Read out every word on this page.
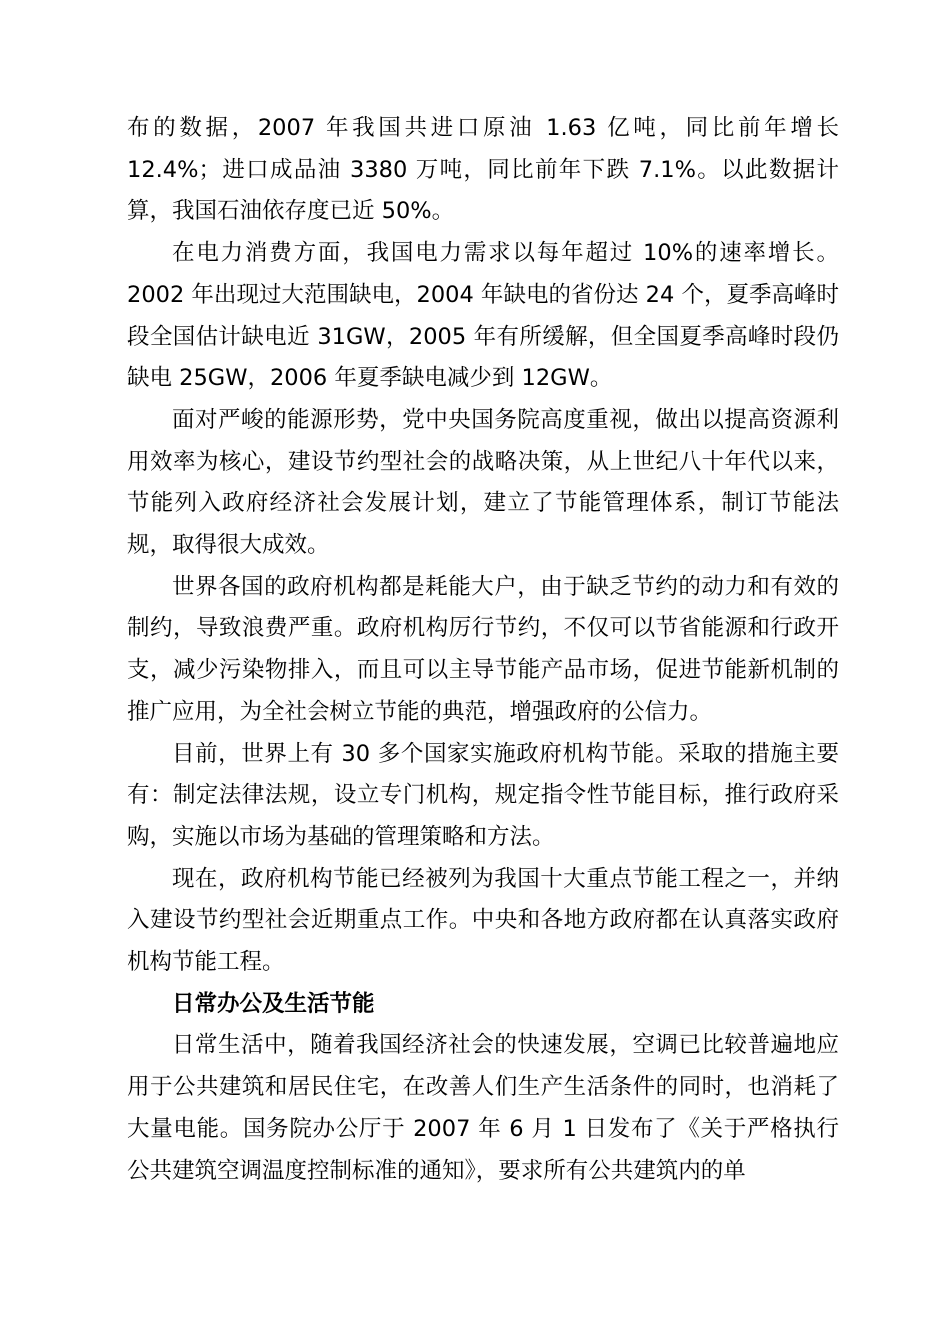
布的数据，2007 年我国共进口原油 1.63 亿吨，同比前年增长 12.4%；进口成品油 3380 万吨，同比前年下跌 7.1%。以此数据计算，我国石油依存度已近 50%。

在电力消费方面，我国电力需求以每年超过 10%的速率增长。2002 年出现过大范围缺电，2004 年缺电的省份达 24 个，夏季高峰时段全国估计缺电近 31GW，2005 年有所缓解，但全国夏季高峰时段仍缺电 25GW，2006 年夏季缺电减少到 12GW。

面对严峻的能源形势，党中央国务院高度重视，做出以提高资源利用效率为核心，建设节约型社会的战略决策，从上世纪八十年代以来，节能列入政府经济社会发展计划，建立了节能管理体系，制订节能法规，取得很大成效。

世界各国的政府机构都是耗能大户，由于缺乏节约的动力和有效的制约，导致浪费严重。政府机构厉行节约，不仅可以节省能源和行政开支，减少污染物排入，而且可以主导节能产品市场，促进节能新机制的推广应用，为全社会树立节能的典范，增强政府的公信力。

目前，世界上有 30 多个国家实施政府机构节能。采取的措施主要有：制定法律法规，设立专门机构，规定指令性节能目标，推行政府采购，实施以市场为基础的管理策略和方法。

现在，政府机构节能已经被列为我国十大重点节能工程之一，并纳入建设节约型社会近期重点工作。中央和各地方政府都在认真落实政府机构节能工程。

日常办公及生活节能

日常生活中，随着我国经济社会的快速发展，空调已比较普遍地应用于公共建筑和居民住宅，在改善人们生产生活条件的同时，也消耗了大量电能。国务院办公厅于 2007 年 6 月 1 日发布了《关于严格执行公共建筑空调温度控制标准的通知》，要求所有公共建筑内的单
